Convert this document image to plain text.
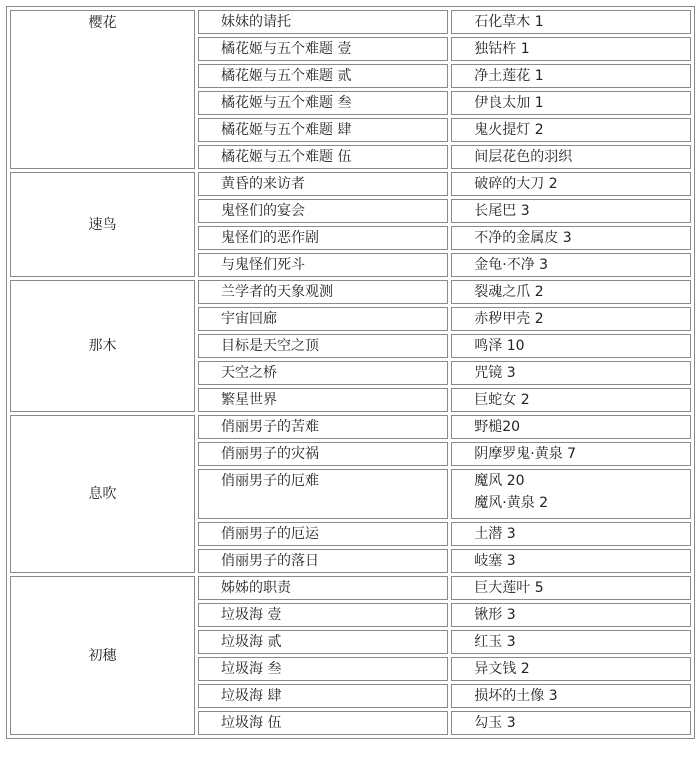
樱花	妹妹的请托	石化草木 1

	橘花姬与五个难题 壹	独钴杵 1

	橘花姬与五个难题 贰	净土莲花 1

	橘花姬与五个难题 叁	伊良太加 1

	橘花姬与五个难题 肆	鬼火提灯 2

	橘花姬与五个难题 伍	间层花色的羽织

速鸟	黄昏的来访者	破碎的大刀 2

	鬼怪们的宴会	长尾巴 3

	鬼怪们的恶作剧	不净的金属皮 3

	与鬼怪们死斗	金龟·不净 3

那木	兰学者的天象观测	裂魂之爪 2

	宇宙回廊	赤秽甲壳 2

	目标是天空之顶	鸣泽 10

	天空之桥	咒镜 3

	繁星世界	巨蛇女 2

息吹	俏丽男子的苦难	野槌20

	俏丽男子的灾祸	阴摩罗鬼·黄泉 7

	俏丽男子的厄难	魔风 20
魔风·黄泉 2

	俏丽男子的厄运	土潜 3

	俏丽男子的落日	岐塞 3

初穗	姊姊的职责	巨大莲叶 5

	垃圾海 壹	锹形 3

	垃圾海 贰	红玉 3

	垃圾海 叁	异文钱 2

	垃圾海 肆	损坏的土像 3

	垃圾海 伍	勾玉 3
